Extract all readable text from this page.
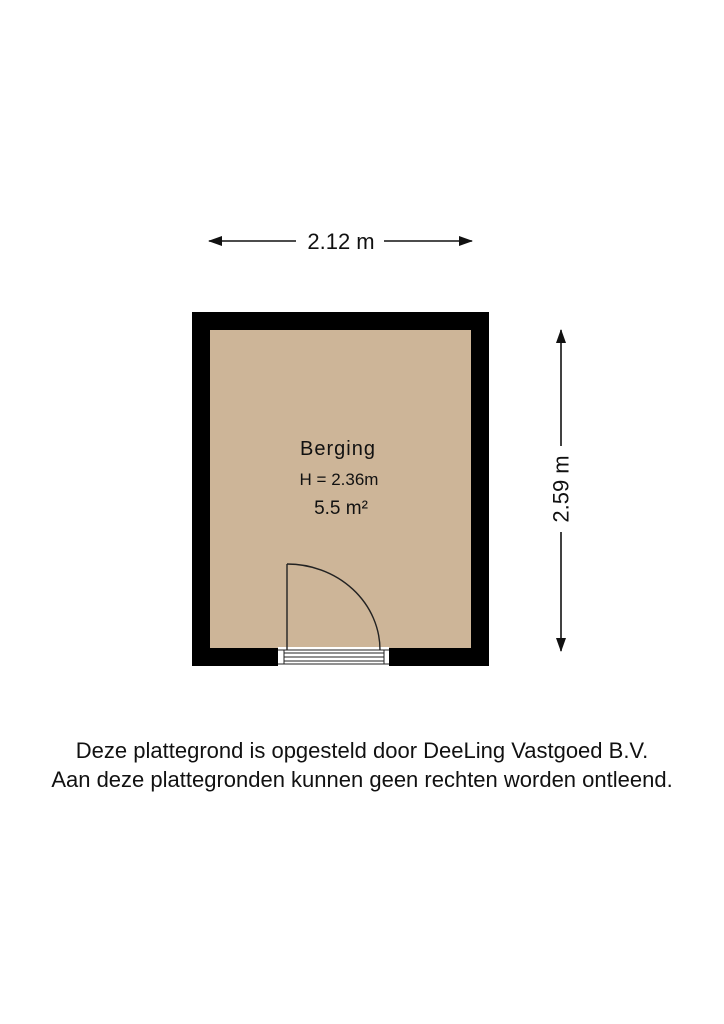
2.12 m
2.59 m
Berging
H = 2.36m
5.5 m²
Deze plattegrond is opgesteld door DeeLing Vastgoed B.V.
Aan deze plattegronden kunnen geen rechten worden ontleend.
